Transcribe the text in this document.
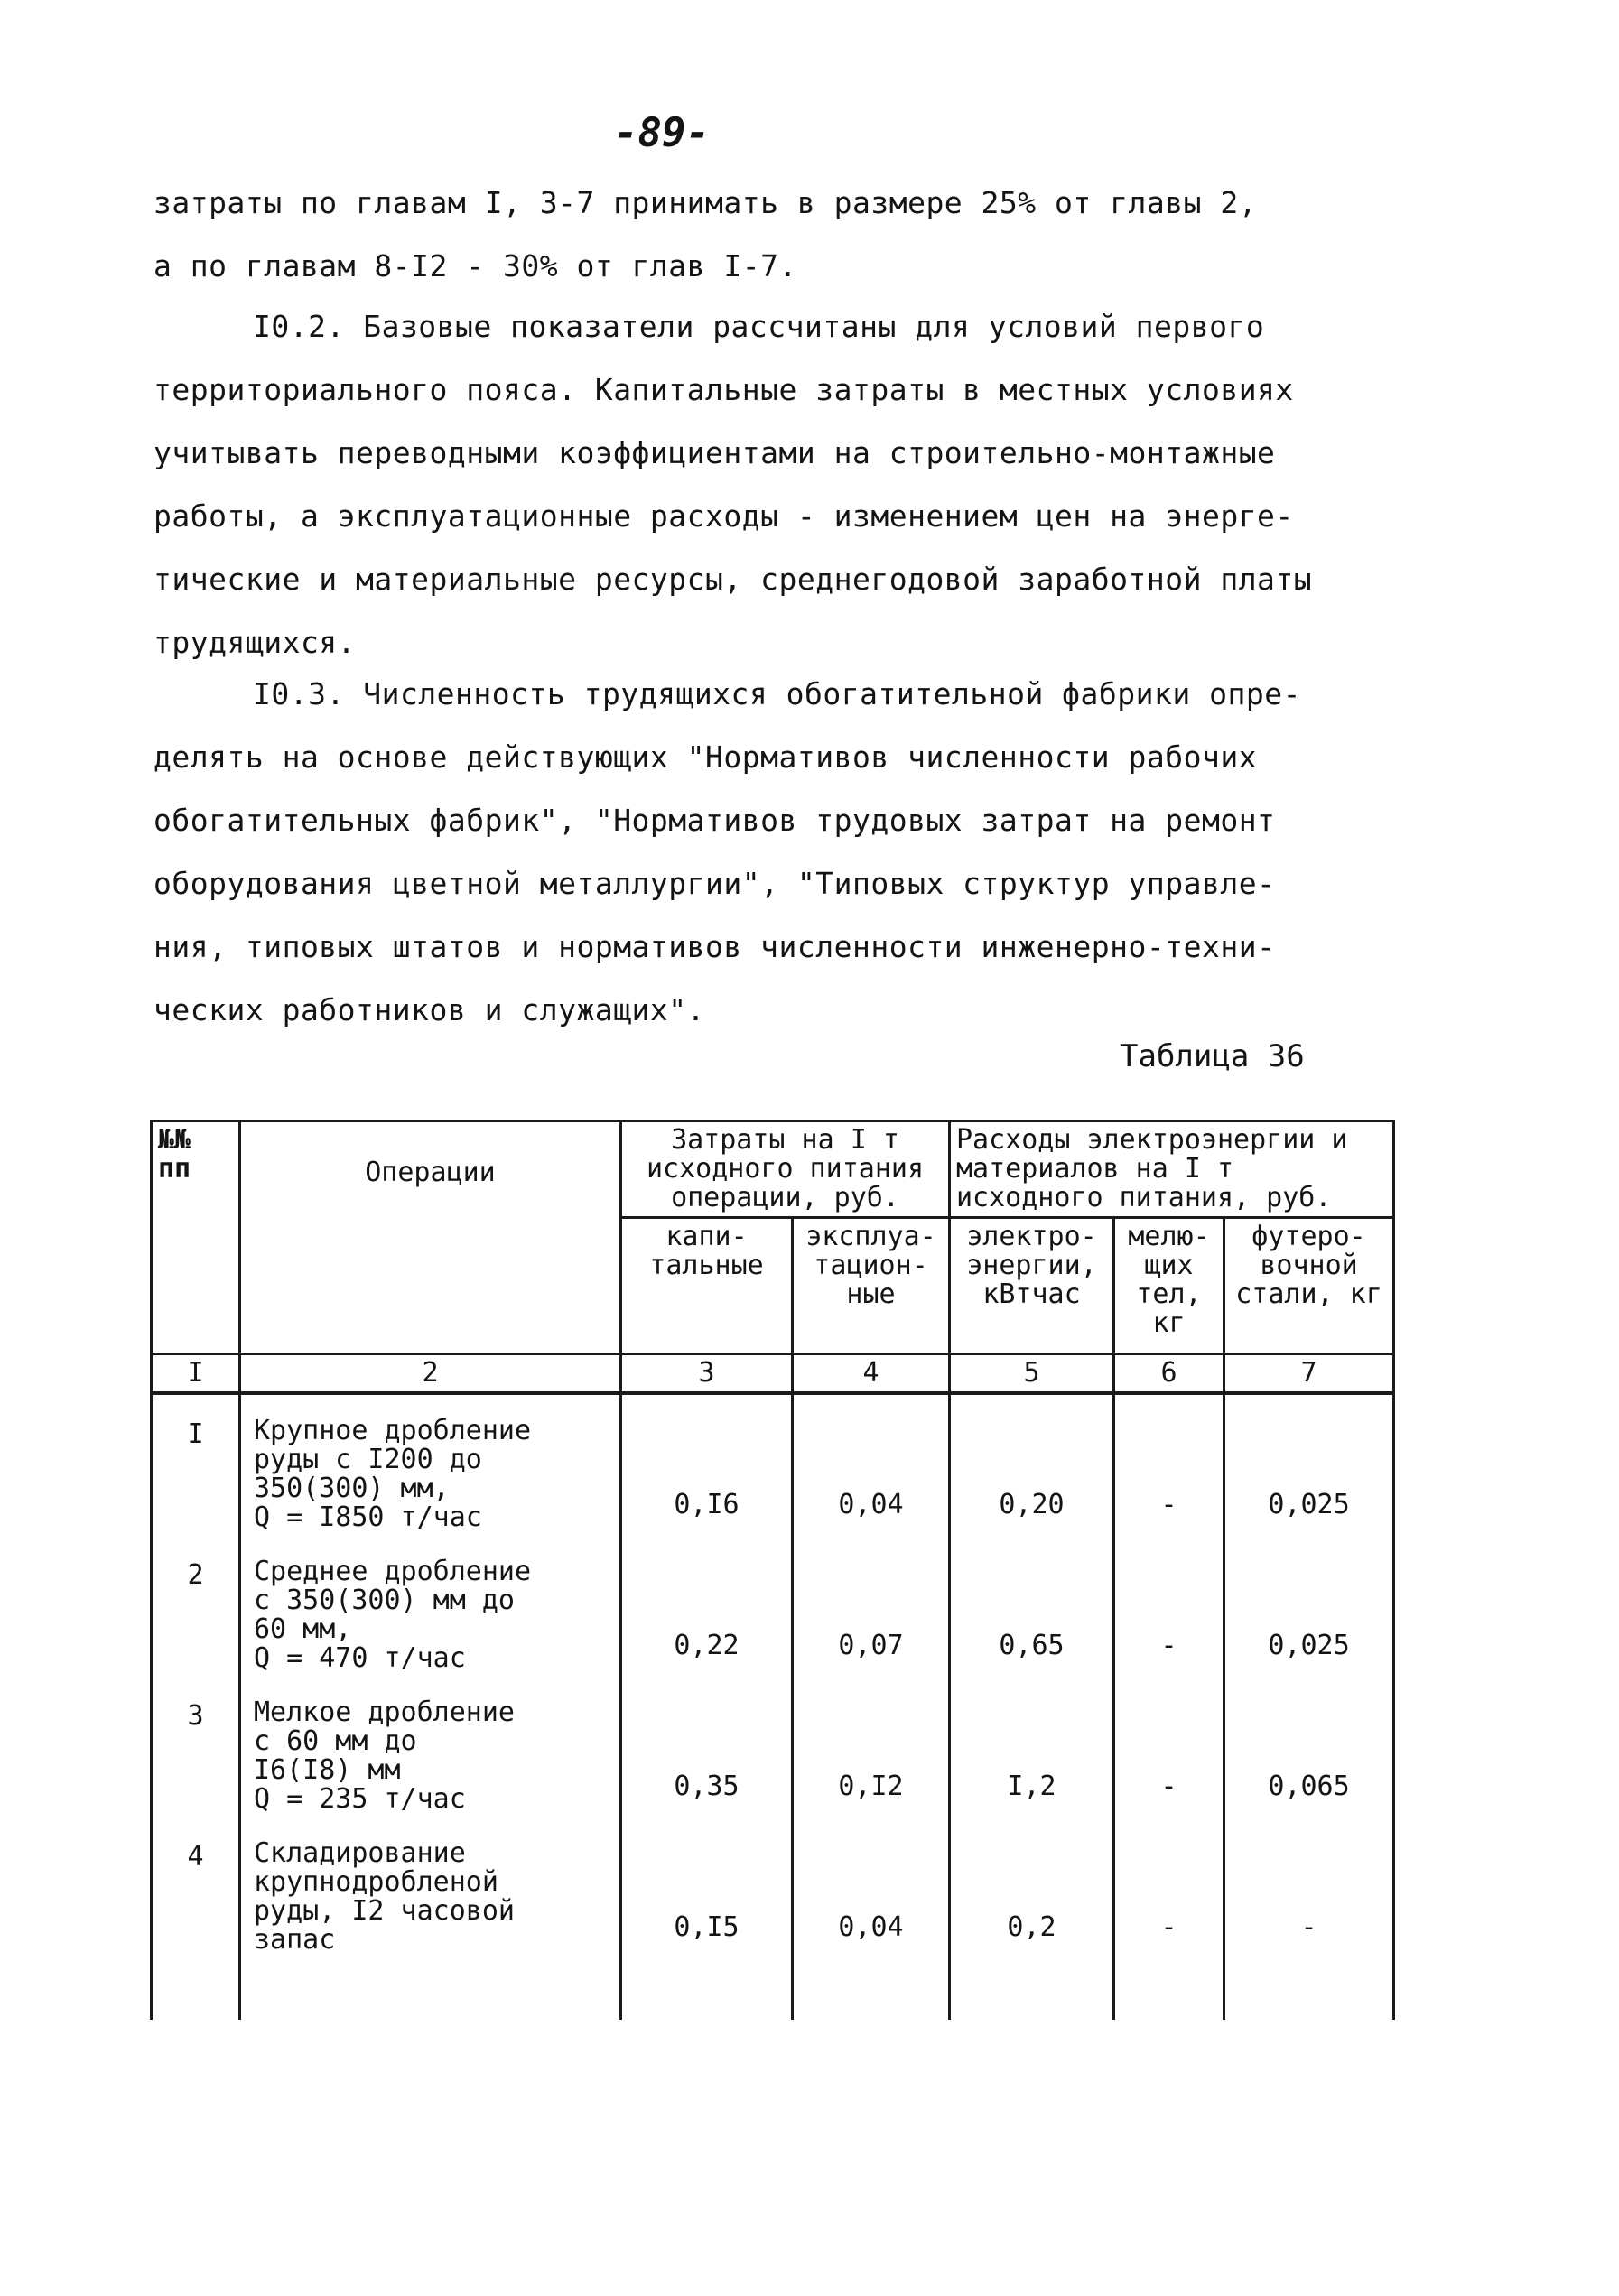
-89-

затраты по главам I, 3-7 принимать в размере 25% от главы 2,

а по главам 8-I2 - 30% от глав I-7.

I0.2. Базовые показатели рассчитаны для условий первого

территориального пояса. Капитальные затраты в местных условиях

учитывать переводными коэффициентами на строительно-монтажные

работы, а эксплуатационные расходы - изменением цен на энерге-

тические и материальные ресурсы, среднегодовой заработной платы

трудящихся.

I0.3. Численность трудящихся обогатительной фабрики опре-

делять на основе действующих "Нормативов численности рабочих

обогатительных фабрик", "Нормативов трудовых затрат на ремонт

оборудования цветной металлургии", "Типовых структур управле-

ния, типовых штатов и нормативов численности инженерно-техни-

ческих работников и служащих".

Таблица 36
№№ пп	Операции	Затраты на I т исходного питания операции, руб.		Расходы электроэнергии и материалов на I т исходного питания, руб.		
		капи- тальные	эксплуа- тацион- ные	электро- энергии, кВтчас	мелю- щих тел, кг	футеро- вочной стали, кг
I	2	3	4	5	6	7
I	Крупное дробление
руды с I200 до
350(300) мм,
Q = I850 т/час	0,I6	0,04	0,20	-	0,025
2	Среднее дробление
с 350(300) мм до
60 мм,
Q = 470 т/час	0,22	0,07	0,65	-	0,025
3	Мелкое дробление
с 60 мм до
I6(I8) мм
Q = 235 т/час	0,35	0,I2	I,2	-	0,065
4	Складирование
крупнодробленой
руды, I2 часовой
запас	0,I5	0,04	0,2	-	-
